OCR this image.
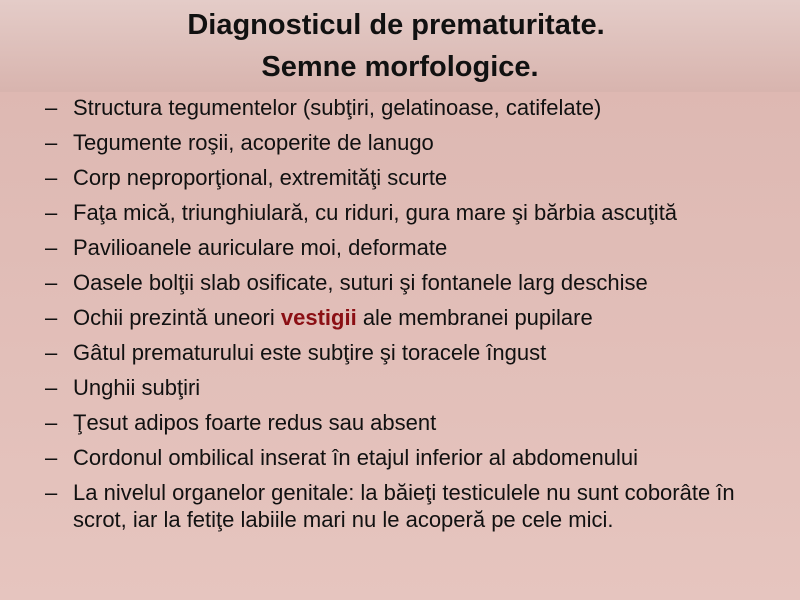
Diagnosticul de prematuritate.
Semne morfologice.
– Structura tegumentelor (subţiri, gelatinoase, catifelate)
– Tegumente roşii, acoperite de lanugo
– Corp neproporţional, extremităţi scurte
– Faţa mică, triunghiulară, cu riduri, gura mare şi bărbia ascuţită
– Pavilioanele auriculare moi, deformate
– Oasele bolţii slab osificate, suturi şi fontanele larg deschise
– Ochii prezintă uneori vestigii ale membranei pupilare
– Gâtul prematurului este subţire şi toracele îngust
– Unghii subţiri
– Ţesut adipos foarte redus sau absent
– Cordonul ombilical inserat în etajul inferior al abdomenului
– La nivelul organelor genitale: la băieţi testiculele nu sunt coborâte în scrot, iar la fetiţe labiile mari nu le acoperă pe cele mici.
